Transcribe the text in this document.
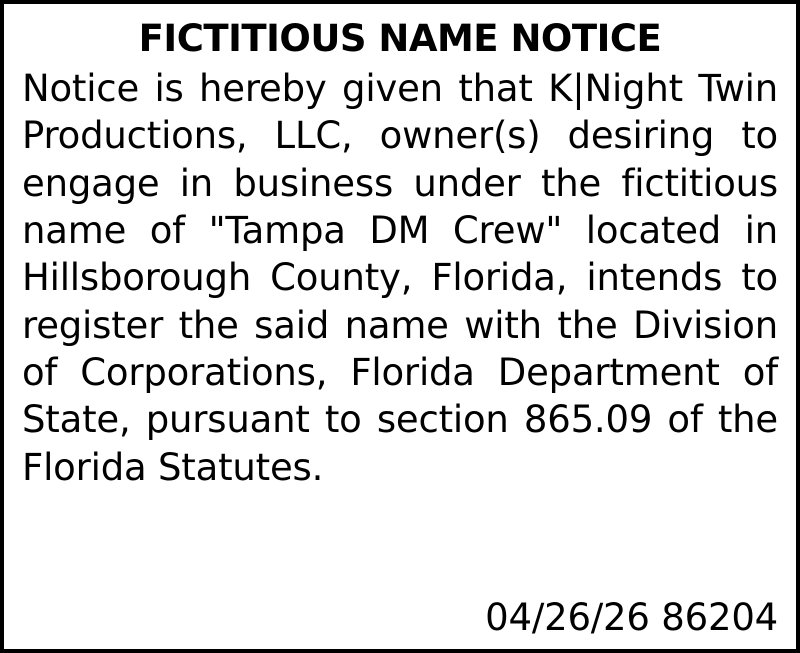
FICTITIOUS NAME NOTICE
Notice is hereby given that K|Night Twin Productions, LLC, owner(s) desiring to engage in business under the fictitious name of "Tampa DM Crew" located in Hillsborough County, Florida, intends to register the said name with the Division of Corporations, Florida Department of State, pursuant to section 865.09 of the Florida Statutes.
04/26/26 86204
